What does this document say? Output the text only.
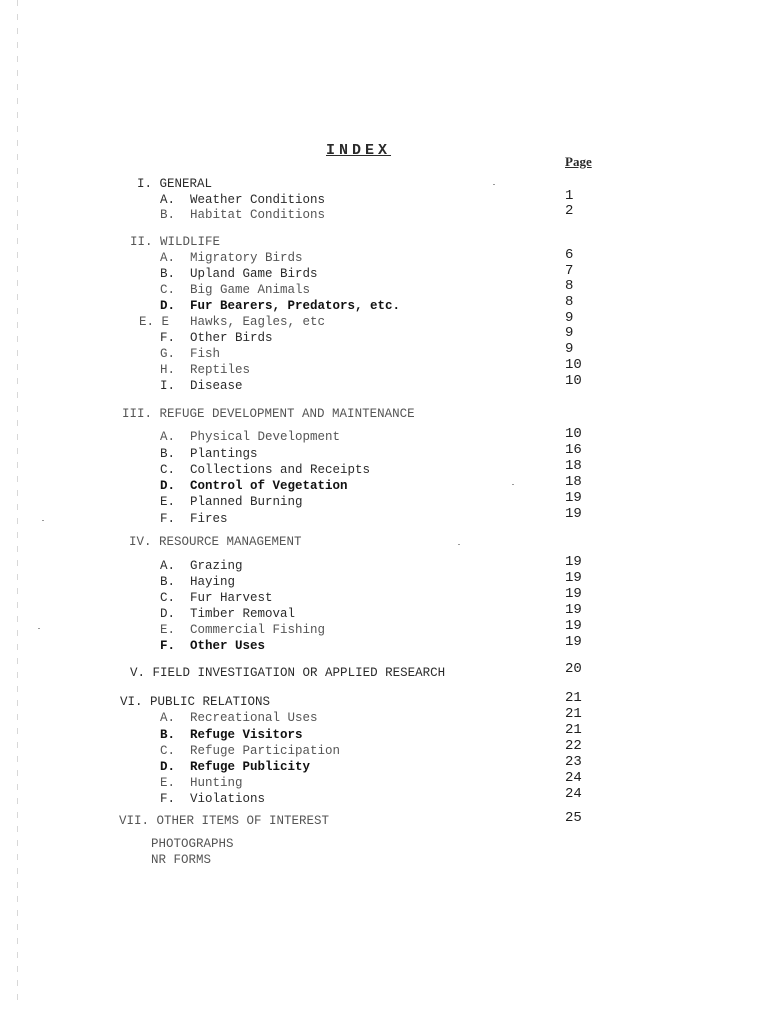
INDEX
Page
I. GENERAL
A. Weather Conditions	1
B. Habitat Conditions	2
II. WILDLIFE
A. Migratory Birds	6
B. Upland Game Birds	7
C. Big Game Animals	8
D. Fur Bearers, Predators, etc.	8
E. E Hawks, Eagles, etc	9
F. Other Birds	9
G. Fish	9
H. Reptiles	10
I. Disease	10
III. REFUGE DEVELOPMENT AND MAINTENANCE
A. Physical Development	10
B. Plantings	16
C. Collections and Receipts	18
D. Control of Vegetation	18
E. Planned Burning	19
F. Fires	19
IV. RESOURCE MANAGEMENT
A. Grazing	19
B. Haying	19
C. Fur Harvest	19
D. Timber Removal	19
E. Commercial Fishing	19
F. Other Uses	19
V. FIELD INVESTIGATION OR APPLIED RESEARCH	20
VI. PUBLIC RELATIONS	21
A. Recreational Uses	21
B. Refuge Visitors	21
C. Refuge Participation	22
D. Refuge Publicity	23
E. Hunting	24
F. Violations	24
VII. OTHER ITEMS OF INTEREST	25
PHOTOGRAPHS
NR FORMS
